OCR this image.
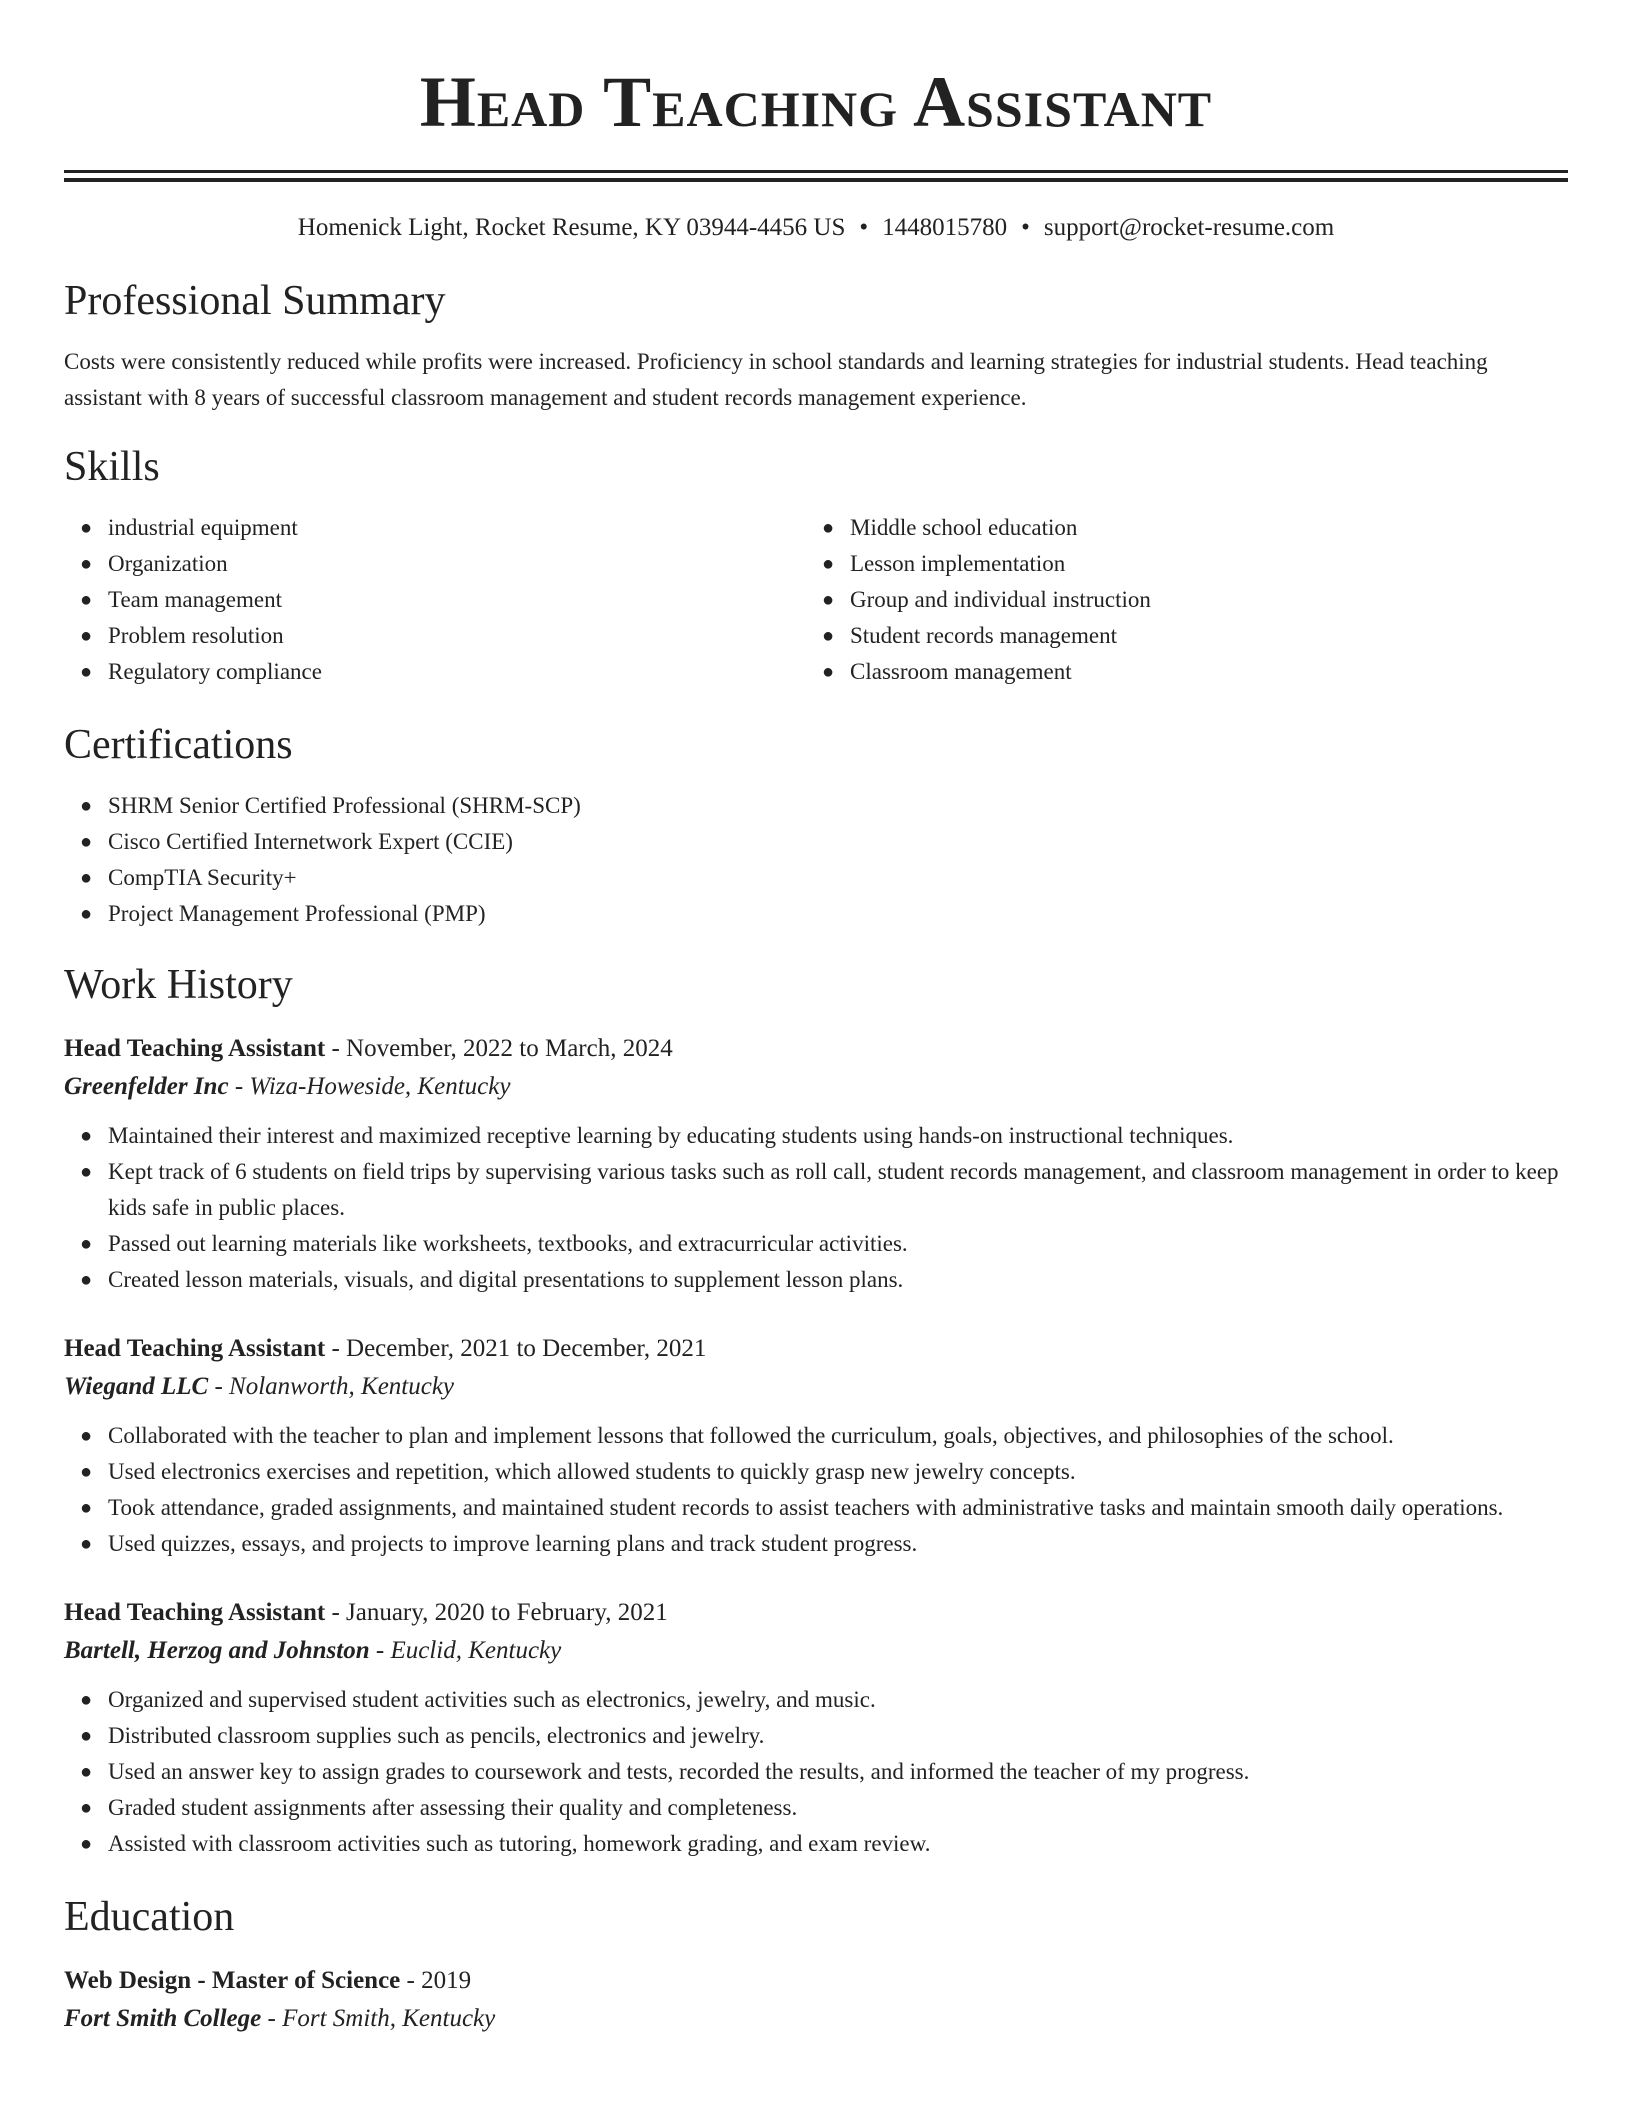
Head Teaching Assistant
Homenick Light, Rocket Resume, KY 03944-4456 US • 1448015780 • support@rocket-resume.com
Professional Summary
Costs were consistently reduced while profits were increased. Proficiency in school standards and learning strategies for industrial students. Head teaching assistant with 8 years of successful classroom management and student records management experience.
Skills
● industrial equipment
● Organization
● Team management
● Problem resolution
● Regulatory compliance
● Middle school education
● Lesson implementation
● Group and individual instruction
● Student records management
● Classroom management
Certifications
● SHRM Senior Certified Professional (SHRM-SCP)
● Cisco Certified Internetwork Expert (CCIE)
● CompTIA Security+
● Project Management Professional (PMP)
Work History
Head Teaching Assistant - November, 2022 to March, 2024
Greenfelder Inc - Wiza-Howeside, Kentucky
● Maintained their interest and maximized receptive learning by educating students using hands-on instructional techniques.
● Kept track of 6 students on field trips by supervising various tasks such as roll call, student records management, and classroom management in order to keep kids safe in public places.
● Passed out learning materials like worksheets, textbooks, and extracurricular activities.
● Created lesson materials, visuals, and digital presentations to supplement lesson plans.
Head Teaching Assistant - December, 2021 to December, 2021
Wiegand LLC - Nolanworth, Kentucky
● Collaborated with the teacher to plan and implement lessons that followed the curriculum, goals, objectives, and philosophies of the school.
● Used electronics exercises and repetition, which allowed students to quickly grasp new jewelry concepts.
● Took attendance, graded assignments, and maintained student records to assist teachers with administrative tasks and maintain smooth daily operations.
● Used quizzes, essays, and projects to improve learning plans and track student progress.
Head Teaching Assistant - January, 2020 to February, 2021
Bartell, Herzog and Johnston - Euclid, Kentucky
● Organized and supervised student activities such as electronics, jewelry, and music.
● Distributed classroom supplies such as pencils, electronics and jewelry.
● Used an answer key to assign grades to coursework and tests, recorded the results, and informed the teacher of my progress.
● Graded student assignments after assessing their quality and completeness.
● Assisted with classroom activities such as tutoring, homework grading, and exam review.
Education
Web Design - Master of Science - 2019
Fort Smith College - Fort Smith, Kentucky
